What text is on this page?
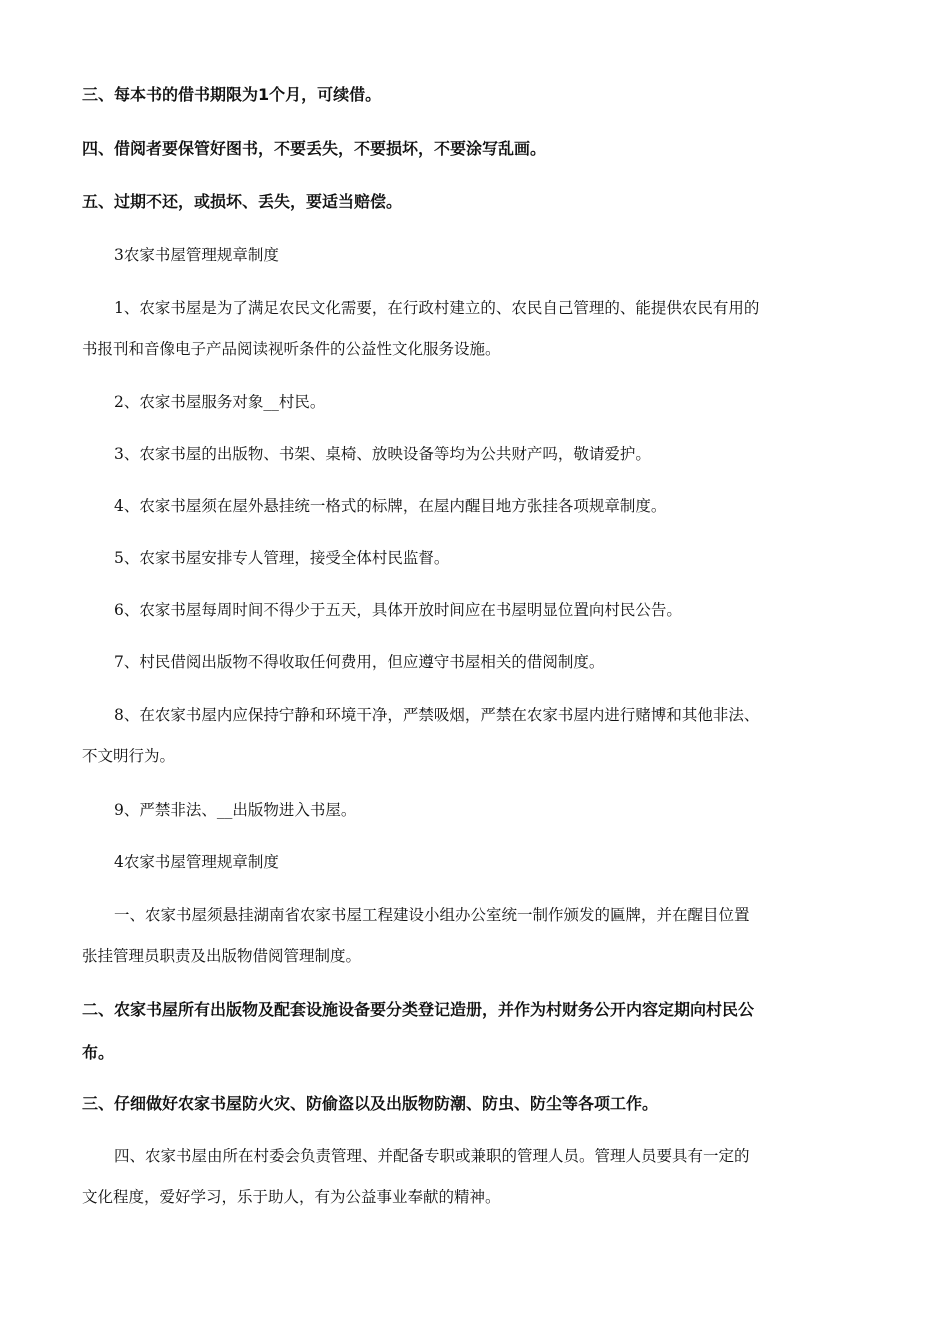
三、每本书的借书期限为1个月，可续借。

四、借阅者要保管好图书，不要丢失，不要损坏，不要涂写乱画。

五、过期不还，或损坏、丢失，要适当赔偿。

3农家书屋管理规章制度

1、农家书屋是为了满足农民文化需要，在行政村建立的、农民自己管理的、能提供农民有用的

书报刊和音像电子产品阅读视听条件的公益性文化服务设施。

2、农家书屋服务对象__村民。

3、农家书屋的出版物、书架、桌椅、放映设备等均为公共财产吗，敬请爱护。

4、农家书屋须在屋外悬挂统一格式的标牌，在屋内醒目地方张挂各项规章制度。

5、农家书屋安排专人管理，接受全体村民监督。

6、农家书屋每周时间不得少于五天，具体开放时间应在书屋明显位置向村民公告。

7、村民借阅出版物不得收取任何费用，但应遵守书屋相关的借阅制度。

8、在农家书屋内应保持宁静和环境干净，严禁吸烟，严禁在农家书屋内进行赌博和其他非法、

不文明行为。

9、严禁非法、__出版物进入书屋。

4农家书屋管理规章制度

一、农家书屋须悬挂湖南省农家书屋工程建设小组办公室统一制作颁发的匾牌，并在醒目位置

张挂管理员职责及出版物借阅管理制度。

二、农家书屋所有出版物及配套设施设备要分类登记造册，并作为村财务公开内容定期向村民公

布。

三、仔细做好农家书屋防火灾、防偷盗以及出版物防潮、防虫、防尘等各项工作。

四、农家书屋由所在村委会负责管理、并配备专职或兼职的管理人员。管理人员要具有一定的

文化程度，爱好学习，乐于助人，有为公益事业奉献的精神。
